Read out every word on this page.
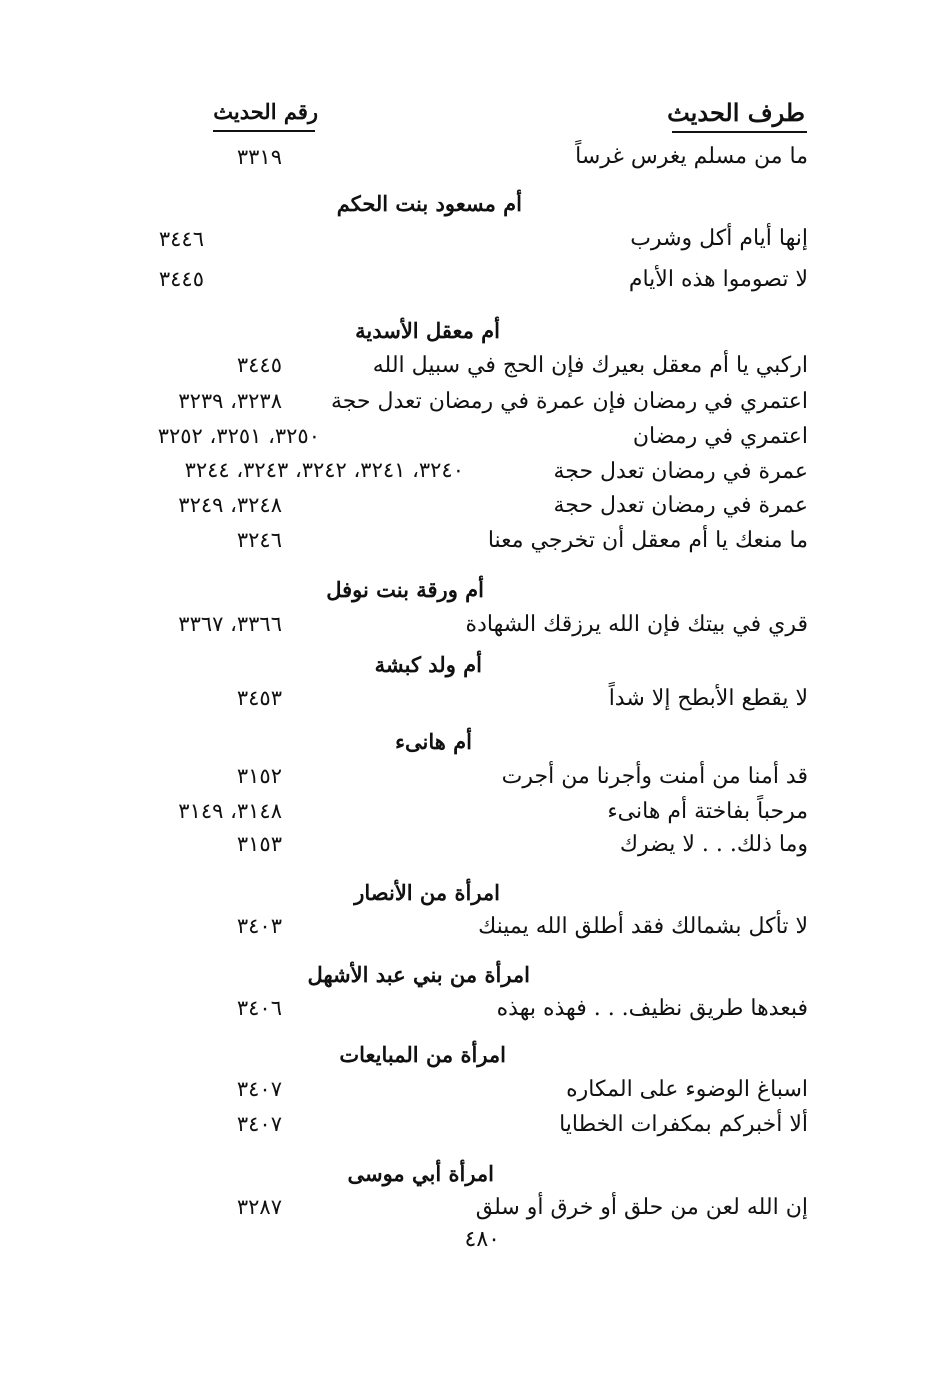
طرف الحديث
رقم الحديث
ما من مسلم يغرس غرساً
٣٣١٩
أم مسعود بنت الحكم
إنها أيام أكل وشرب
٣٤٤٦
لا تصوموا هذه الأيام
٣٤٤٥
أم معقل الأسدية
اركبي يا أم معقل بعيرك فإن الحج في سبيل الله
٣٤٤٥
اعتمري في رمضان فإن عمرة في رمضان تعدل حجة
٣٢٣٨، ٣٢٣٩
اعتمري في رمضان
٣٢٥٠، ٣٢٥١، ٣٢٥٢
عمرة في رمضان تعدل حجة
٣٢٤٠، ٣٢٤١، ٣٢٤٢، ٣٢٤٣، ٣٢٤٤
عمرة في رمضان تعدل حجة
٣٢٤٨، ٣٢٤٩
ما منعك يا أم معقل أن تخرجي معنا
٣٢٤٦
أم ورقة بنت نوفل
قري في بيتك فإن الله يرزقك الشهادة
٣٣٦٦، ٣٣٦٧
أم ولد كبشة
لا يقطع الأبطح إلا شداً
٣٤٥٣
أم هانىء
قد أمنا من أمنت وأجرنا من أجرت
٣١٥٢
مرحباً بفاختة أم هانىء
٣١٤٨، ٣١٤٩
وما ذلك. . . لا يضرك
٣١٥٣
امرأة من الأنصار
لا تأكل بشمالك فقد أطلق الله يمينك
٣٤٠٣
امرأة من بني عبد الأشهل
فبعدها طريق نظيف. . . فهذه بهذه
٣٤٠٦
امرأة من المبايعات
اسباغ الوضوء على المكاره
٣٤٠٧
ألا أخبركم بمكفرات الخطايا
٣٤٠٧
امرأة أبي موسى
إن الله لعن من حلق أو خرق أو سلق
٣٢٨٧
٤٨٠
